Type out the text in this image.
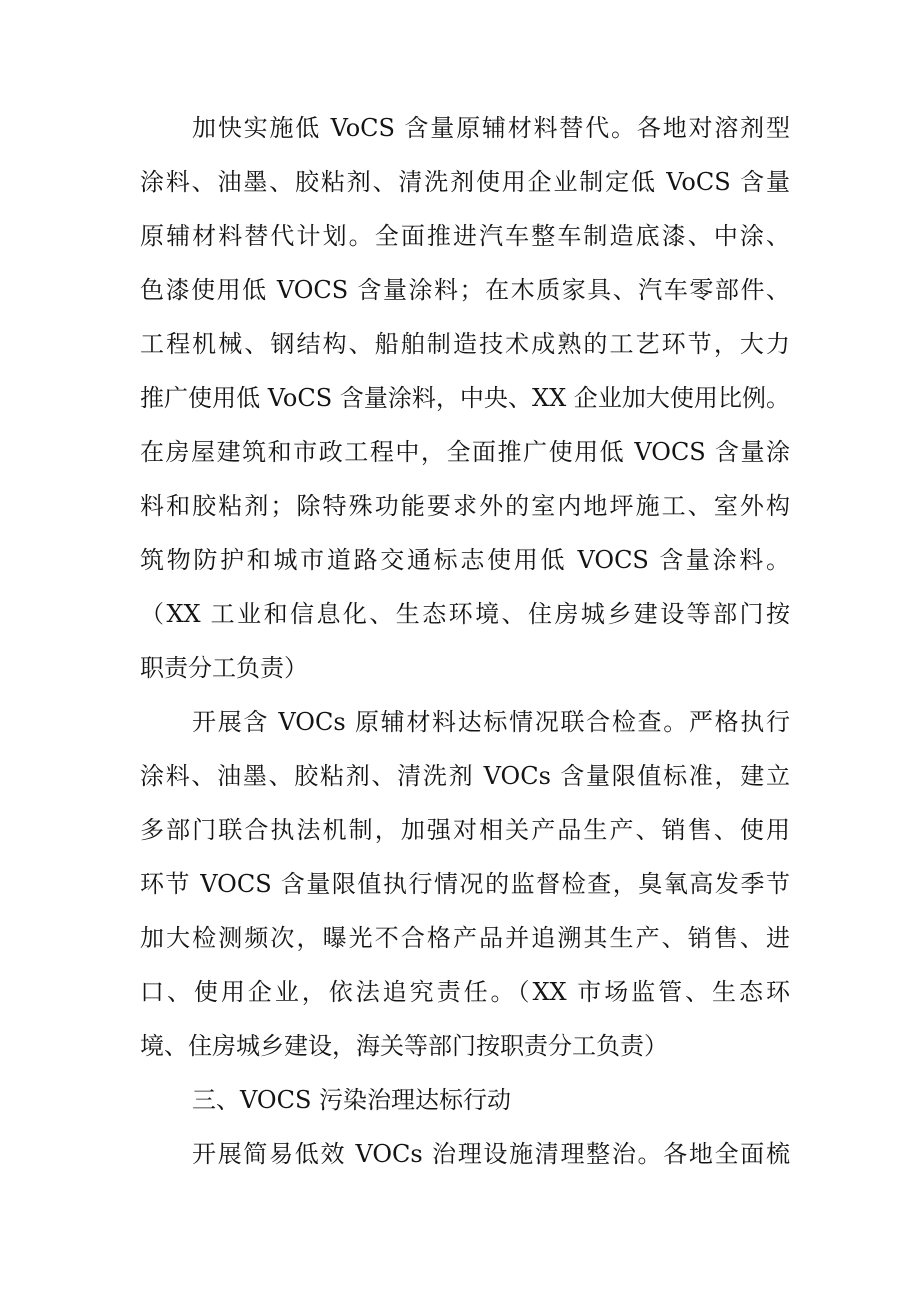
加快实施低 VoCS 含量原辅材料替代。各地对溶剂型
涂料、油墨、胶粘剂、清洗剂使用企业制定低 VoCS 含量
原辅材料替代计划。全面推进汽车整车制造底漆、中涂、
色漆使用低 VOCS 含量涂料；在木质家具、汽车零部件、
工程机械、钢结构、船舶制造技术成熟的工艺环节，大力
推广使用低 VoCS 含量涂料，中央、XX 企业加大使用比例。
在房屋建筑和市政工程中，全面推广使用低 VOCS 含量涂
料和胶粘剂；除特殊功能要求外的室内地坪施工、室外构
筑物防护和城市道路交通标志使用低 VOCS 含量涂料。
（XX 工业和信息化、生态环境、住房城乡建设等部门按
职责分工负责）
开展含 VOCs 原辅材料达标情况联合检查。严格执行
涂料、油墨、胶粘剂、清洗剂 VOCs 含量限值标准，建立
多部门联合执法机制，加强对相关产品生产、销售、使用
环节 VOCS 含量限值执行情况的监督检查，臭氧高发季节
加大检测频次，曝光不合格产品并追溯其生产、销售、进
口、使用企业，依法追究责任。（XX 市场监管、生态环
境、住房城乡建设，海关等部门按职责分工负责）
三、VOCS 污染治理达标行动
开展简易低效 VOCs 治理设施清理整治。各地全面梳
